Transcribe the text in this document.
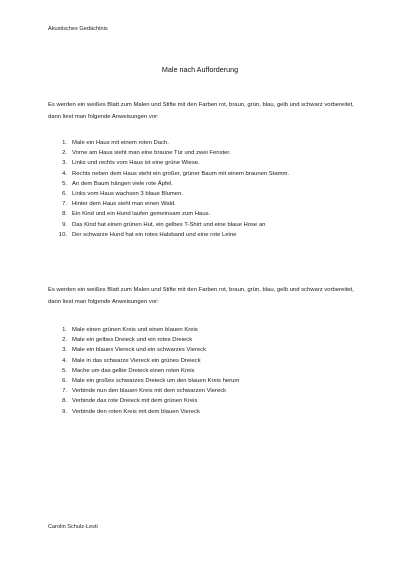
Akustisches Gedächtnis
Male nach Aufforderung
Es werden ein weißes Blatt zum Malen und Stifte mit den Farben rot, braun, grün, blau, gelb und schwarz vorbereitet, dann liest man folgende Anweisungen vor:
1. Male ein Haus mit einem roten Dach.
2. Vorne am Haus sieht man eine braune Tür und zwei Fenster.
3. Links und rechts vom Haus ist eine grüne Wiese.
4. Rechts neben dem Haus steht ein großer, grüner Baum mit einem braunen Stamm.
5. An dem Baum hängen viele rote Äpfel.
6. Links vom Haus wachsen 3 blaue Blumen.
7. Hinter dem Haus sieht man einen Wald.
8. Ein Kind und ein Hund laufen gemeinsam zum Haus.
9. Das Kind hat einen grünen Hut, ein gelbes T-Shirt und eine blaue Hose an
10. Der schwarze Hund hat ein rotes Halsband und eine rote Leine
Es werden ein weißes Blatt zum Malen und Stifte mit den Farben rot, braun, grün, blau, gelb und schwarz vorbereitet, dann liest man folgende Anweisungen vor:
1. Male einen grünen Kreis und einen blauen Kreis
2. Male ein gelbes Dreieck und ein rotes Dreieck
3. Male ein blaues Viereck und ein schwarzes Viereck
4. Male in das schwarze Viereck ein grünes Dreieck
5. Mache um das gelbe Dreieck einen roten Kreis
6. Male ein großes schwarzes Dreieck um den blauen Kreis herum
7. Verbinde nun den blauen Kreis mit dem schwarzen Viereck
8. Verbinde das rote Dreieck mit dem grünen Kreis
9. Verbinde den roten Kreis mit dem blauen Viereck
Carolin Schulz-Lesti
